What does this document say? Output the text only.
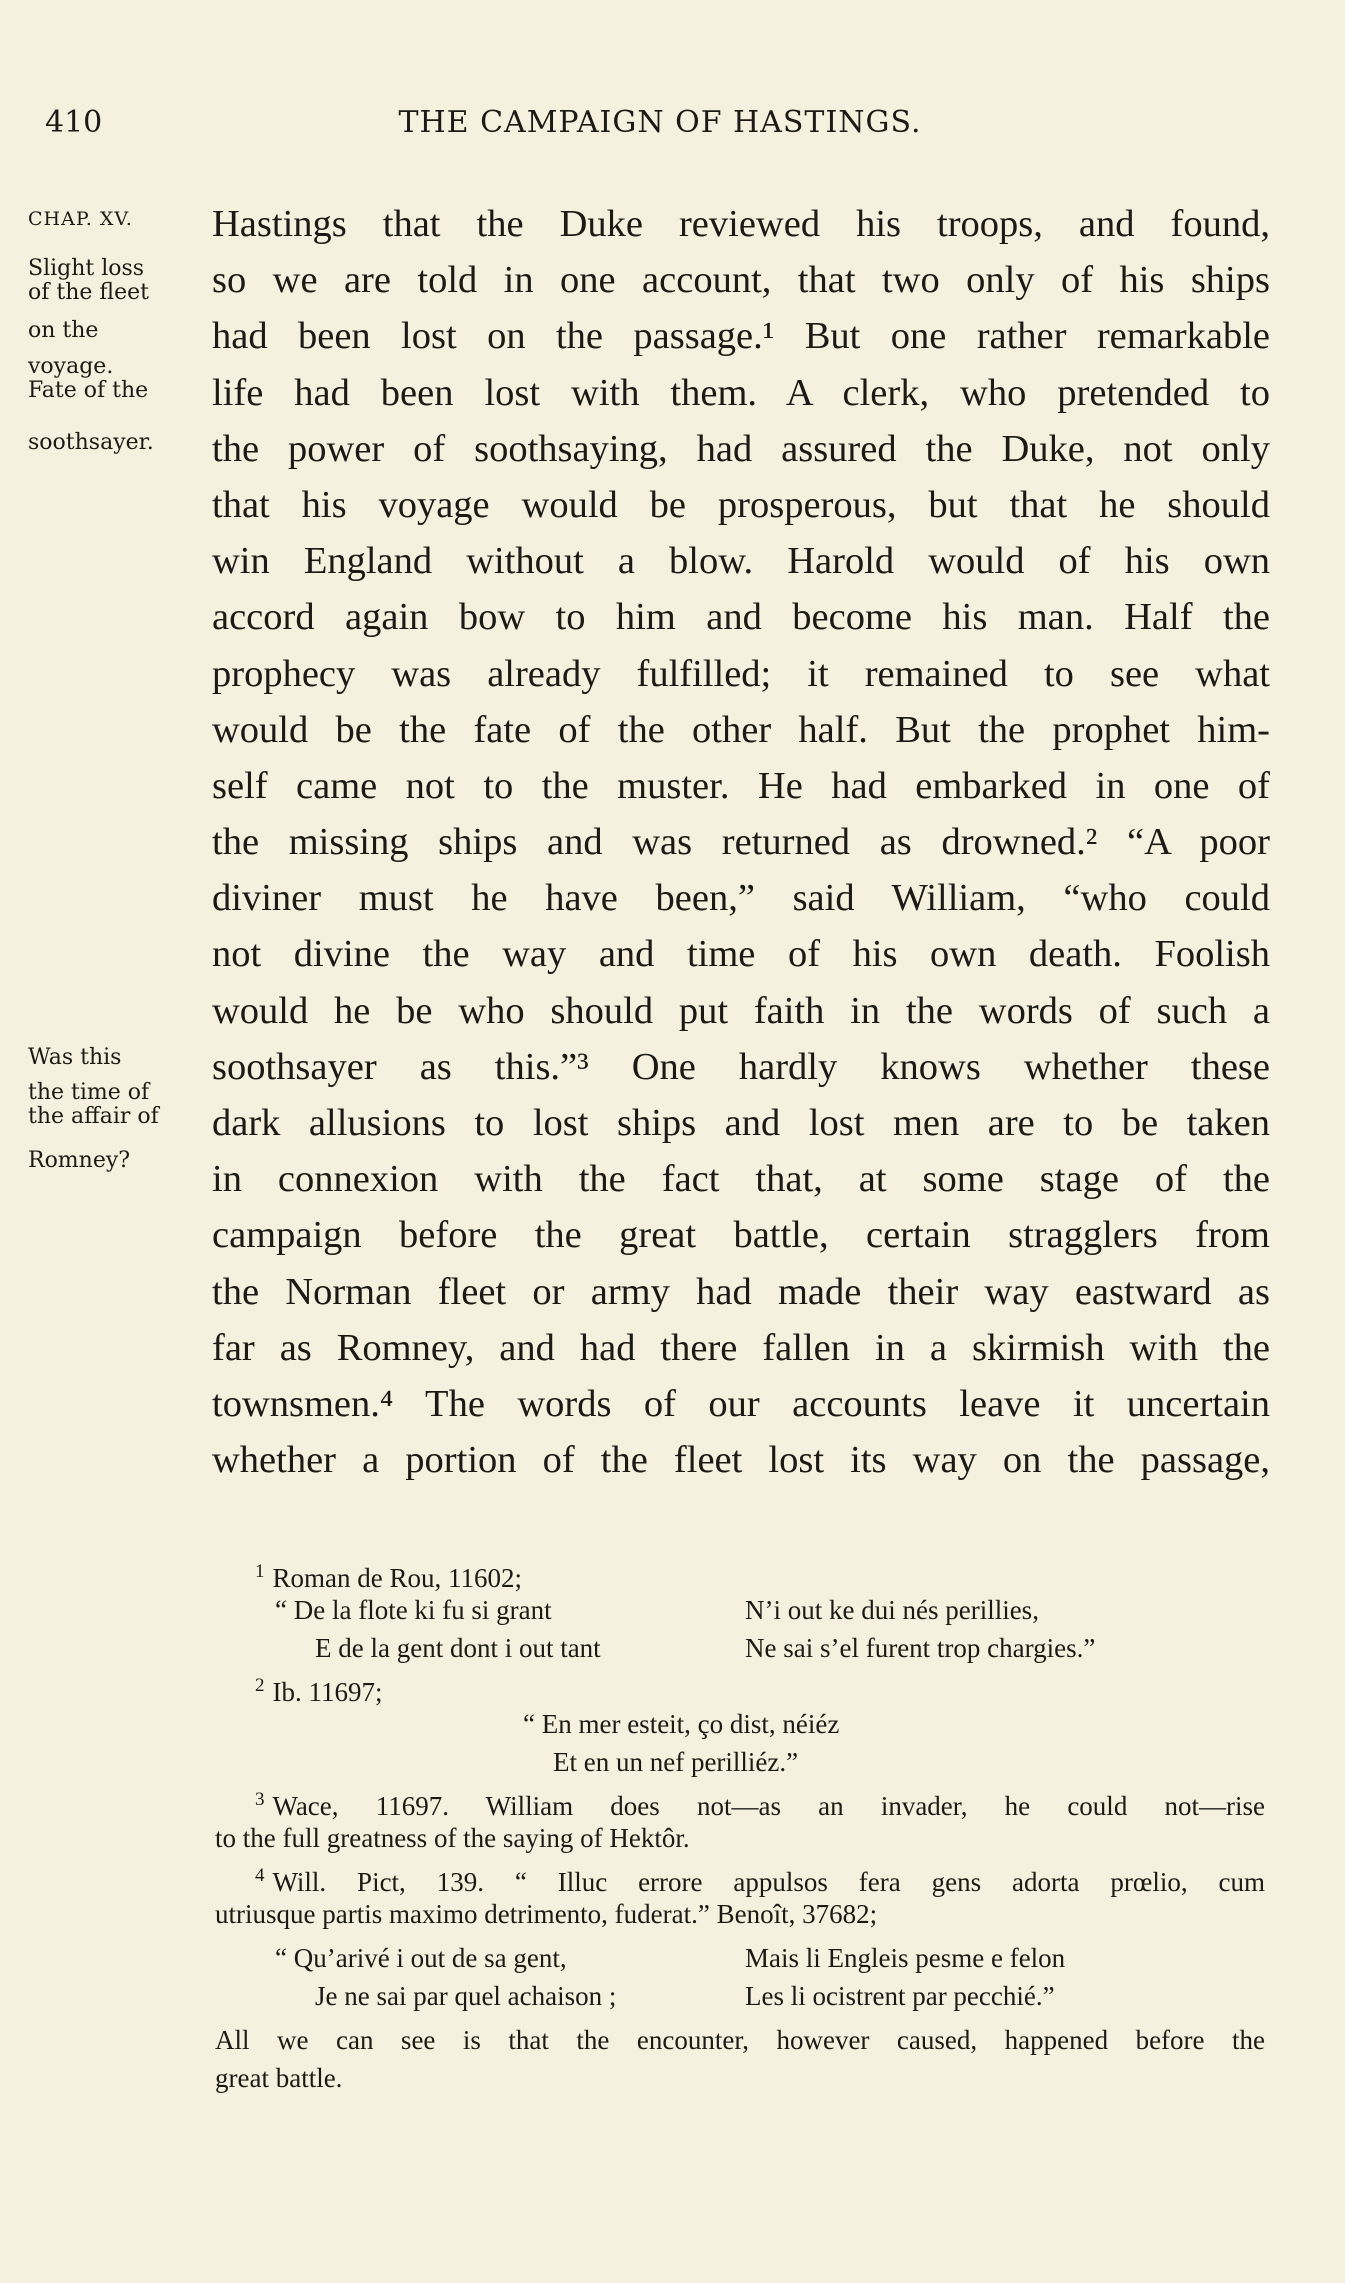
410	THE CAMPAIGN OF HASTINGS.
CHAP. XV.
Slight loss
of the fleet
on the
voyage.
Fate of the
soothsayer.
Was this
the time of
the affair of
Romney?
Hastings that the Duke reviewed his troops, and found,
so we are told in one account, that two only of his ships
had been lost on the passage.¹ But one rather remarkable
life had been lost with them. A clerk, who pretended to
the power of soothsaying, had assured the Duke, not only
that his voyage would be prosperous, but that he should
win England without a blow. Harold would of his own
accord again bow to him and become his man. Half the
prophecy was already fulfilled; it remained to see what
would be the fate of the other half. But the prophet him-
self came not to the muster. He had embarked in one of
the missing ships and was returned as drowned.² “A poor
diviner must he have been,” said William, “who could
not divine the way and time of his own death. Foolish
would he be who should put faith in the words of such a
soothsayer as this.”³ One hardly knows whether these
dark allusions to lost ships and lost men are to be taken
in connexion with the fact that, at some stage of the
campaign before the great battle, certain stragglers from
the Norman fleet or army had made their way eastward as
far as Romney, and had there fallen in a skirmish with the
townsmen.⁴ The words of our accounts leave it uncertain
whether a portion of the fleet lost its way on the passage,
$^1$ Roman de Rou, 11602;
“ De la flote ki fu si grant	N’i out ke dui nés perillies,
E de la gent dont i out tant	Ne sai s’el furent trop chargies.”
$^2$ Ib. 11697;
“ En mer esteit, ço dist, néiéz
Et en un nef perilliéz.”
$^3$ Wace, 11697. William does not—as an invader, he could not—rise
to the full greatness of the saying of Hektôr.
$^4$ Will. Pict, 139. “ Illuc errore appulsos fera gens adorta prœlio, cum
utriusque partis maximo detrimento, fuderat.” Benoît, 37682;
“ Qu’arivé i out de sa gent,	Mais li Engleis pesme e felon
Je ne sai par quel achaison ;	Les li ocistrent par pecchié.”
All we can see is that the encounter, however caused, happened before the
great battle.
